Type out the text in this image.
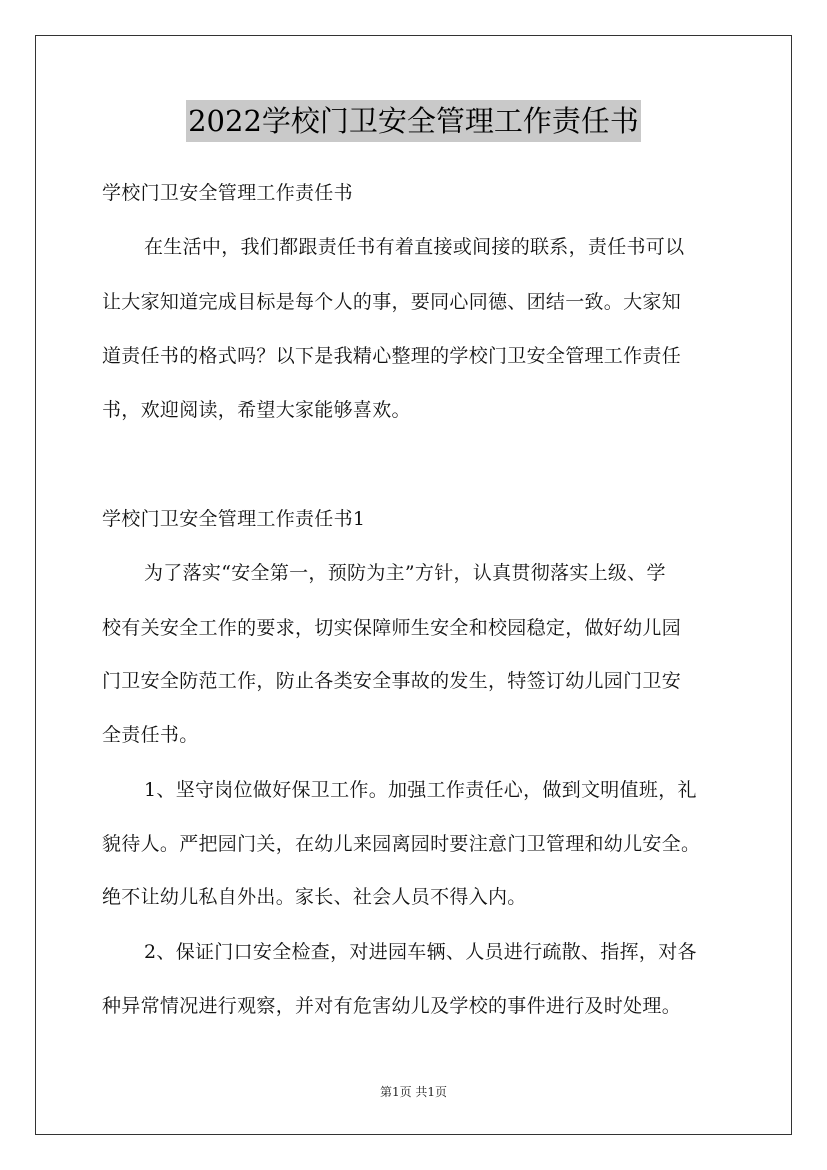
2022学校门卫安全管理工作责任书
学校门卫安全管理工作责任书
在生活中，我们都跟责任书有着直接或间接的联系，责任书可以
让大家知道完成目标是每个人的事，要同心同德、团结一致。大家知
道责任书的格式吗？以下是我精心整理的学校门卫安全管理工作责任
书，欢迎阅读，希望大家能够喜欢。
学校门卫安全管理工作责任书1
为了落实“安全第一，预防为主”方针，认真贯彻落实上级、学
校有关安全工作的要求，切实保障师生安全和校园稳定，做好幼儿园
门卫安全防范工作，防止各类安全事故的发生，特签订幼儿园门卫安
全责任书。
1、坚守岗位做好保卫工作。加强工作责任心，做到文明值班，礼
貌待人。严把园门关，在幼儿来园离园时要注意门卫管理和幼儿安全。
绝不让幼儿私自外出。家长、社会人员不得入内。
2、保证门口安全检查，对进园车辆、人员进行疏散、指挥，对各
种异常情况进行观察，并对有危害幼儿及学校的事件进行及时处理。
第1页 共1页
